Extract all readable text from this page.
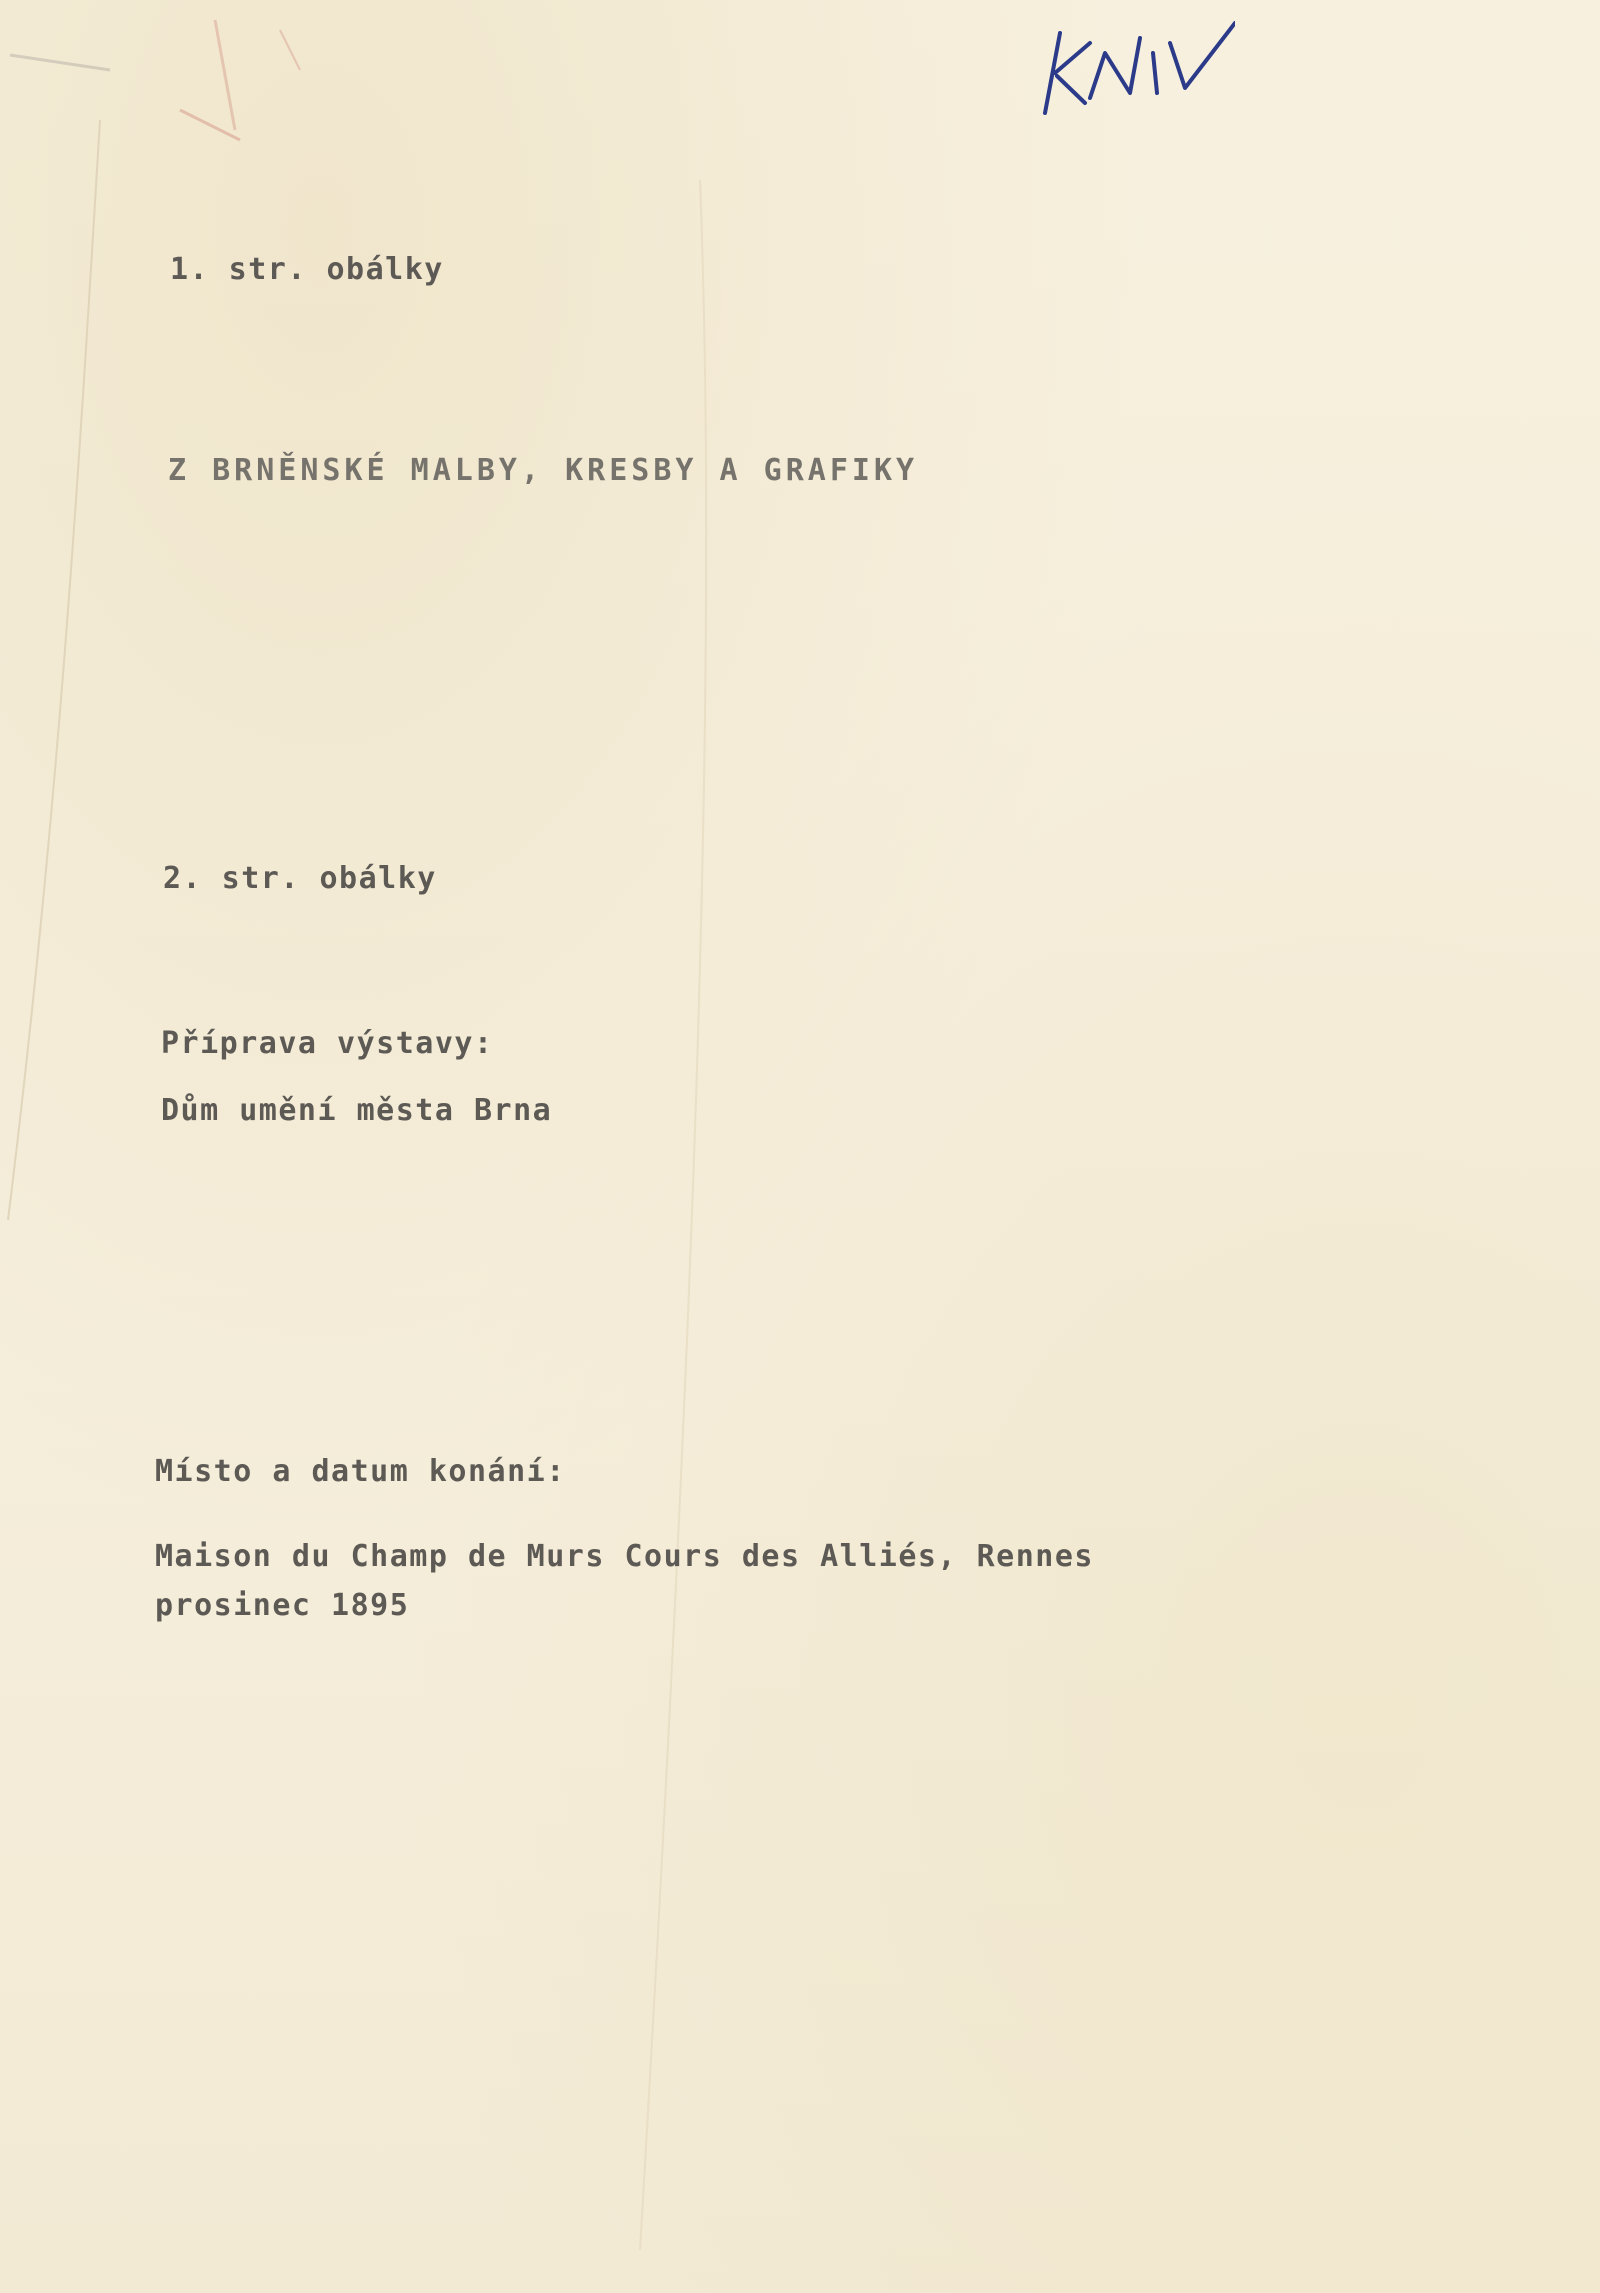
1. str. obálky

Z BRNĚNSKÉ MALBY, KRESBY A GRAFIKY

2. str. obálky

Příprava výstavy:

Dům umění města Brna

Místo a datum konání:

Maison du Champ de Murs Cours des Alliés, Rennes

prosinec 1895
